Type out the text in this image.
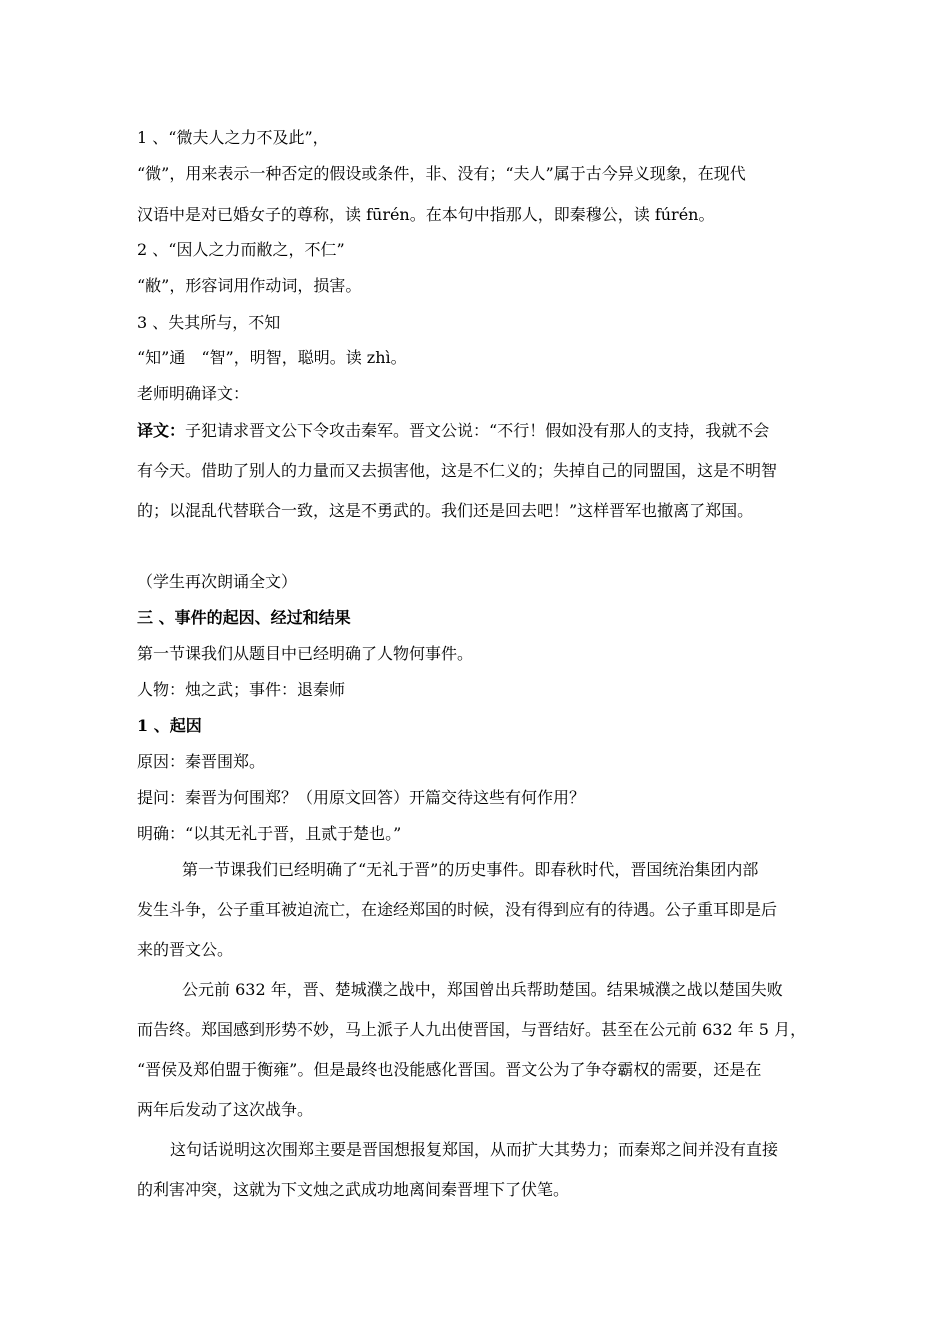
1 、“微夫人之力不及此”，
“微”，用来表示一种否定的假设或条件，非、没有；“夫人”属于古今异义现象，在现代
汉语中是对已婚女子的尊称，读 fūrén。在本句中指那人，即秦穆公，读 fúrén。
2 、“因人之力而敝之，不仁”
“敝”，形容词用作动词，损害。
3 、失其所与，不知
“知”通　“智”，明智，聪明。读 zhì。
老师明确译文：
译文：子犯请求晋文公下令攻击秦军。晋文公说：“不行！假如没有那人的支持，我就不会
有今天。借助了别人的力量而又去损害他，这是不仁义的；失掉自己的同盟国，这是不明智
的；以混乱代替联合一致，这是不勇武的。我们还是回去吧！”这样晋军也撤离了郑国。
（学生再次朗诵全文）
三 、事件的起因、经过和结果
第一节课我们从题目中已经明确了人物何事件。
人物：烛之武；事件：退秦师
1 、起因
原因：秦晋围郑。
提问：秦晋为何围郑？（用原文回答）开篇交待这些有何作用？
明确：“以其无礼于晋，且贰于楚也。”
第一节课我们已经明确了“无礼于晋”的历史事件。即春秋时代，晋国统治集团内部
发生斗争，公子重耳被迫流亡，在途经郑国的时候，没有得到应有的待遇。公子重耳即是后
来的晋文公。
公元前 632 年，晋、楚城濮之战中，郑国曾出兵帮助楚国。结果城濮之战以楚国失败
而告终。郑国感到形势不妙，马上派子人九出使晋国，与晋结好。甚至在公元前 632 年 5 月，
“晋侯及郑伯盟于衡雍”。但是最终也没能感化晋国。晋文公为了争夺霸权的需要，还是在
两年后发动了这次战争。
这句话说明这次围郑主要是晋国想报复郑国，从而扩大其势力；而秦郑之间并没有直接
的利害冲突，这就为下文烛之武成功地离间秦晋埋下了伏笔。
